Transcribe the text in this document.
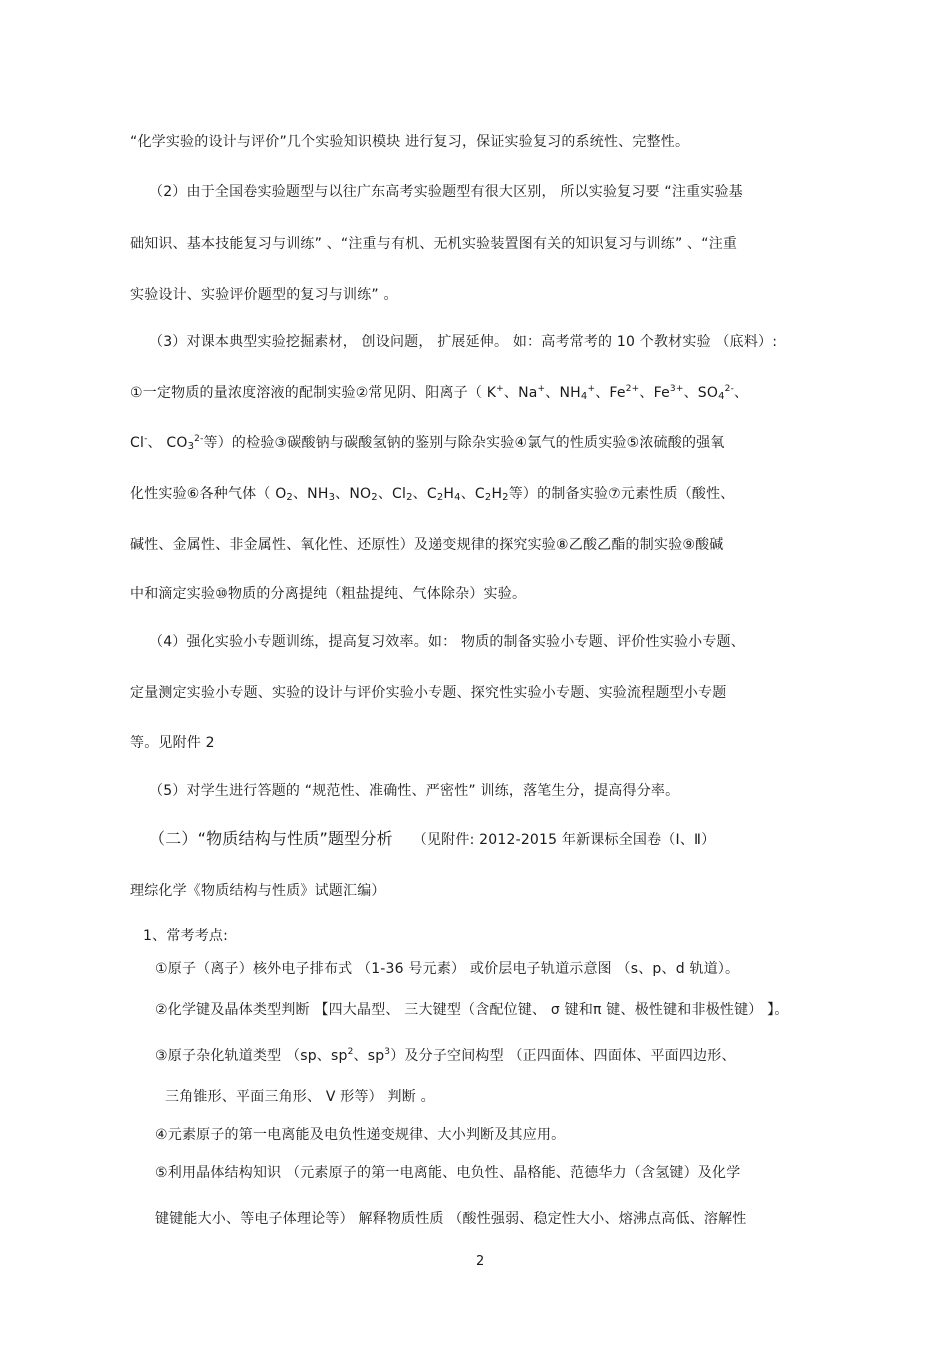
“化学实验的设计与评价”几个实验知识模块 进行复习，保证实验复习的系统性、完整性。
（2）由于全国卷实验题型与以往广东高考实验题型有很大区别， 所以实验复习要 “注重实验基
础知识、基本技能复习与训练” 、“注重与有机、无机实验装置图有关的知识复习与训练” 、“注重
实验设计、实验评价题型的复习与训练” 。
（3）对课本典型实验挖掘素材， 创设问题， 扩展延伸。 如：高考常考的 10 个教材实验 （底料）:
①一定物质的量浓度溶液的配制实验②常见阴、阳离子（ K+、Na+、$NH_4^+$、$Fe^{2+}$、$Fe^{3+}$、$SO_4^{2-}$、
Cl-、 $CO_3^{2-}$等）的检验③碳酸钠与碳酸氢钠的鉴别与除杂实验④氯气的性质实验⑤浓硫酸的强氧
化性实验⑥各种气体（ $O_2$、$NH_3$、$NO_2$、$Cl_2$、$C_2H_4$、$C_2H_2$等）的制备实验⑦元素性质（酸性、
碱性、金属性、非金属性、氧化性、还原性）及递变规律的探究实验⑧乙酸乙酯的制实验⑨酸碱
中和滴定实验⑩物质的分离提纯（粗盐提纯、气体除杂）实验。
（4）强化实验小专题训练，提高复习效率。如： 物质的制备实验小专题、评价性实验小专题、
定量测定实验小专题、实验的设计与评价实验小专题、探究性实验小专题、实验流程题型小专题
等。见附件 2
（5）对学生进行答题的 “规范性、准确性、严密性” 训练，落笔生分，提高得分率。
（二）“物质结构与性质”题型分析 （见附件: 2012-2015 年新课标全国卷（Ⅰ、Ⅱ）
理综化学《物质结构与性质》试题汇编）
1、常考考点:
①原子（离子）核外电子排布式 （1-36 号元素） 或价层电子轨道示意图 （s、p、d 轨道）。
②化学键及晶体类型判断 【四大晶型、 三大键型（含配位键、 σ 键和π 键、极性键和非极性键） 】。
③原子杂化轨道类型 （sp、$sp^2$、$sp^3$）及分子空间构型 （正四面体、四面体、平面四边形、
三角锥形、平面三角形、 V 形等） 判断 。
④元素原子的第一电离能及电负性递变规律、大小判断及其应用。
⑤利用晶体结构知识 （元素原子的第一电离能、电负性、晶格能、范德华力（含氢键）及化学
键键能大小、等电子体理论等） 解释物质性质 （酸性强弱、稳定性大小、熔沸点高低、溶解性
2
